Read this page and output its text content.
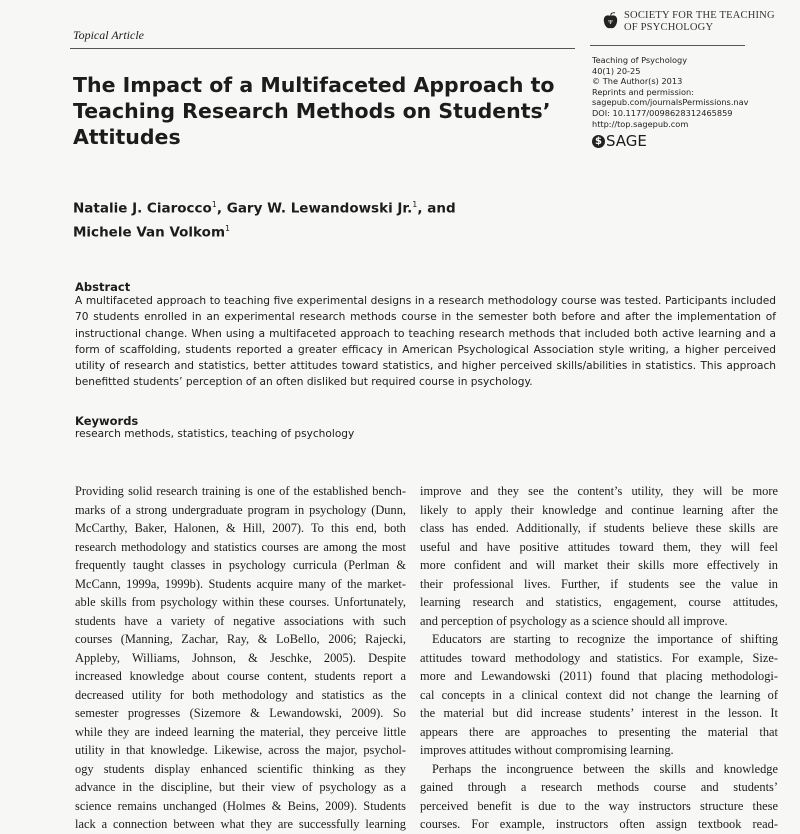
Topical Article
Ψ
SOCIETY FOR THE TEACHING
OF PSYCHOLOGY
Teaching of Psychology
40(1) 20-25
© The Author(s) 2013
Reprints and permission:
sagepub.com/journalsPermissions.nav
DOI: 10.1177/0098628312465859
http://top.sagepub.com
$ SAGE
The Impact of a Multifaceted Approach to
Teaching Research Methods on Students’
Attitudes
Natalie J. Ciarocco$^1$, Gary W. Lewandowski Jr.$^1$, and
Michele Van Volkom$^1$
Abstract
A multifaceted approach to teaching five experimental designs in a research methodology course was tested. Participants included
70 students enrolled in an experimental research methods course in the semester both before and after the implementation of
instructional change. When using a multifaceted approach to teaching research methods that included both active learning and a
form of scaffolding, students reported a greater efficacy in American Psychological Association style writing, a higher perceived
utility of research and statistics, better attitudes toward statistics, and higher perceived skills/abilities in statistics. This approach
benefitted students’ perception of an often disliked but required course in psychology.
Keywords
research methods, statistics, teaching of psychology
Providing solid research training is one of the established bench-
marks of a strong undergraduate program in psychology (Dunn,
McCarthy, Baker, Halonen, & Hill, 2007). To this end, both
research methodology and statistics courses are among the most
frequently taught classes in psychology curricula (Perlman &
McCann, 1999a, 1999b). Students acquire many of the market-
able skills from psychology within these courses. Unfortunately,
students have a variety of negative associations with such
courses (Manning, Zachar, Ray, & LoBello, 2006; Rajecki,
Appleby, Williams, Johnson, & Jeschke, 2005). Despite
increased knowledge about course content, students report a
decreased utility for both methodology and statistics as the
semester progresses (Sizemore & Lewandowski, 2009). So
while they are indeed learning the material, they perceive little
utility in that knowledge. Likewise, across the major, psychol-
ogy students display enhanced scientific thinking as they
advance in the discipline, but their view of psychology as a
science remains unchanged (Holmes & Beins, 2009). Students
lack a connection between what they are successfully learning
improve and they see the content’s utility, they will be more
likely to apply their knowledge and continue learning after the
class has ended. Additionally, if students believe these skills are
useful and have positive attitudes toward them, they will feel
more confident and will market their skills more effectively in
their professional lives. Further, if students see the value in
learning research and statistics, engagement, course attitudes,
and perception of psychology as a science should all improve.
Educators are starting to recognize the importance of shifting
attitudes toward methodology and statistics. For example, Size-
more and Lewandowski (2011) found that placing methodologi-
cal concepts in a clinical context did not change the learning of
the material but did increase students’ interest in the lesson. It
appears there are approaches to presenting the material that
improves attitudes without compromising learning.
Perhaps the incongruence between the skills and knowledge
gained through a research methods course and students’
perceived benefit is due to the way instructors structure these
courses. For example, instructors often assign textbook read-
